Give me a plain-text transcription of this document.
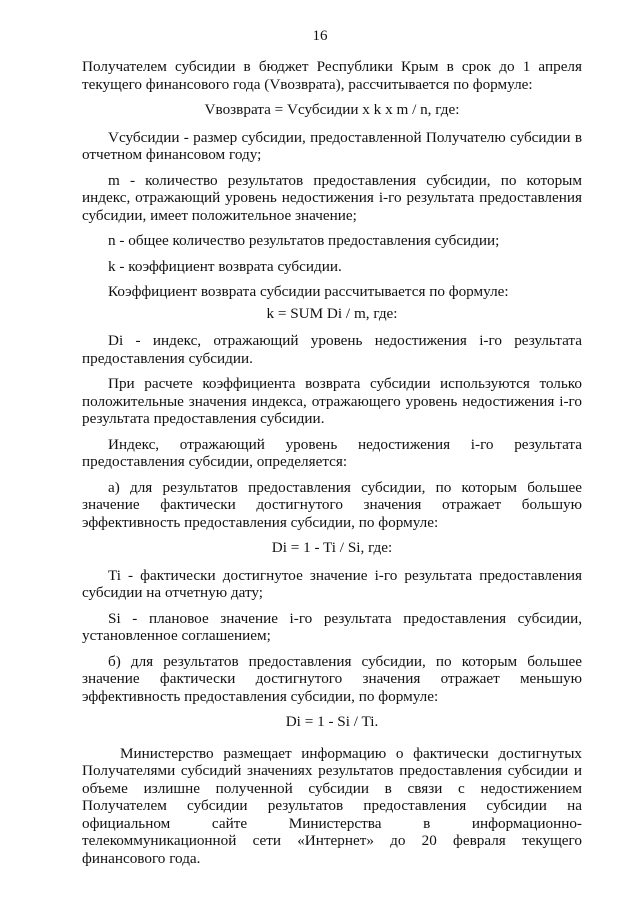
16

Получателем субсидии в бюджет Республики Крым в срок до 1 апреля текущего финансового года (Vвозврата), рассчитывается по формуле:

Vвозврата = Vсубсидии x k x m / n, где:

Vсубсидии - размер субсидии, предоставленной Получателю субсидии в отчетном финансовом году;

m - количество результатов предоставления субсидии, по которым индекс, отражающий уровень недостижения i-го результата предоставления субсидии, имеет положительное значение;

n - общее количество результатов предоставления субсидии;

k - коэффициент возврата субсидии.

Коэффициент возврата субсидии рассчитывается по формуле:

k = SUM Di / m, где:

Di - индекс, отражающий уровень недостижения i-го результата предоставления субсидии.

При расчете коэффициента возврата субсидии используются только положительные значения индекса, отражающего уровень недостижения i-го результата предоставления субсидии.

Индекс, отражающий уровень недостижения i-го результата предоставления субсидии, определяется:

а) для результатов предоставления субсидии, по которым большее значение фактически достигнутого значения отражает большую эффективность предоставления субсидии, по формуле:

Di = 1 - Ti / Si, где:

Ti - фактически достигнутое значение i-го результата предоставления субсидии на отчетную дату;

Si - плановое значение i-го результата предоставления субсидии, установленное соглашением;

б) для результатов предоставления субсидии, по которым большее значение фактически достигнутого значения отражает меньшую эффективность предоставления субсидии, по формуле:

Di = 1 - Si / Ti.

Министерство размещает информацию о фактически достигнутых Получателями субсидий значениях результатов предоставления субсидии и объеме излишне полученной субсидии в связи с недостижением Получателем субсидии результатов предоставления субсидии на официальном сайте Министерства в информационно-телекоммуникационной сети «Интернет» до 20 февраля текущего финансового года.
